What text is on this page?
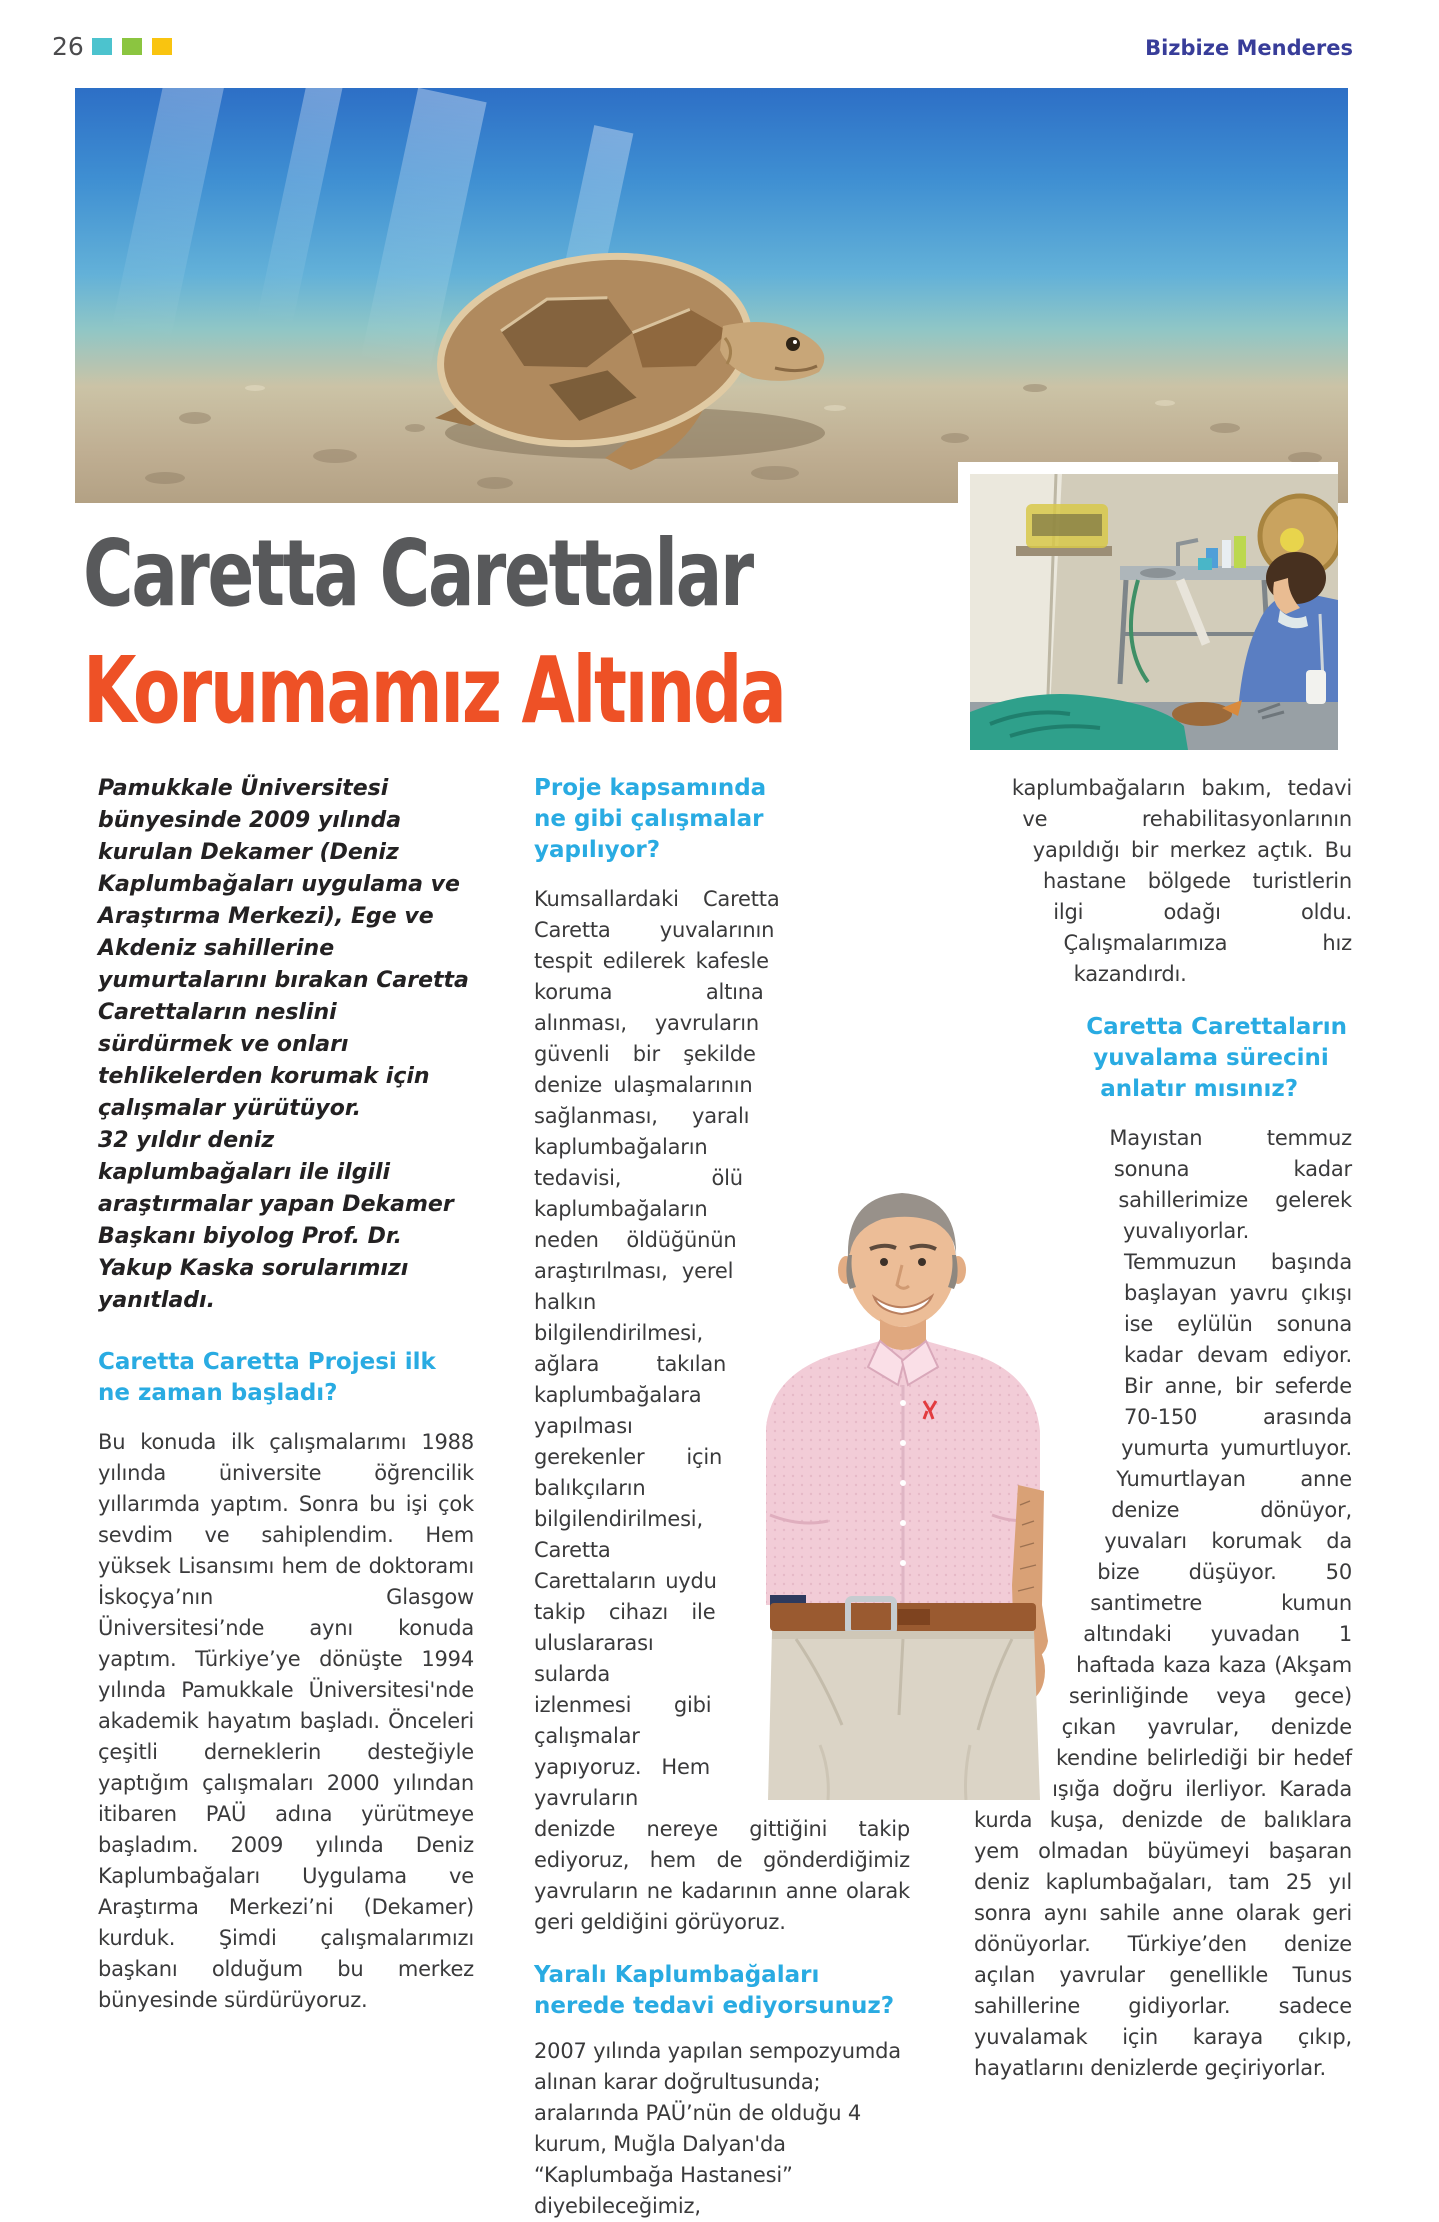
26
	Bizbize Menderes
Caretta Carettalar
Korumamız Altında

Pamukkale Üniversitesi bünyesinde 2009 yılında kurulan Dekamer (Deniz Kaplumbağaları uygulama ve Araştırma Merkezi), Ege ve Akdeniz sahillerine yumurtalarını bırakan Caretta Carettaların neslini sürdürmek ve onları tehlikelerden korumak için çalışmalar yürütüyor.

32 yıldır deniz kaplumbağaları ile ilgili araştırmalar yapan Dekamer Başkanı biyolog Prof. Dr. Yakup Kaska sorularımızı yanıtladı.

Caretta Caretta Projesi ilk ne zaman başladı?

Bu konuda ilk çalışmalarımı 1988 yılında üniversite öğrencilik yıllarımda yaptım. Sonra bu işi çok sevdim ve sahiplendim. Hem yüksek Lisansımı hem de doktoramı İskoçya’nın Glasgow Üniversitesi’nde aynı konuda yaptım. Türkiye’ye dönüşte 1994 yılında Pamukkale Üniversitesi'nde akademik hayatım başladı. Önceleri çeşitli derneklerin desteğiyle yaptığım çalışmaları 2000 yılından itibaren PAÜ adına yürütmeye başladım. 2009 yılında Deniz Kaplumbağaları Uygulama ve Araştırma Merkezi’ni (Dekamer) kurduk. Şimdi çalışmalarımızı başkanı olduğum bu merkez bünyesinde sürdürüyoruz.

Proje kapsamında ne gibi çalışmalar yapılıyor?

Kumsallardaki Caretta Caretta yuvalarının tespit edilerek kafesle koruma altına alınması, yavruların güvenli bir şekilde denize ulaşmalarının sağlanması, yaralı kaplumbağaların tedavisi, ölü kaplumbağaların neden öldüğünün araştırılması, yerel halkın bilgilendirilmesi, ağlara takılan kaplumbağalara yapılması gerekenler için balıkçıların bilgilendirilmesi, Caretta Carettaların uydu takip cihazı ile uluslararası sularda izlenmesi gibi çalışmalar yapıyoruz. Hem yavruların denizde nereye gittiğini takip ediyoruz, hem de gönderdiğimiz yavruların ne kadarının anne olarak geri geldiğini görüyoruz.

Yaralı Kaplumbağaları nerede tedavi ediyorsunuz?

2007 yılında yapılan sempozyumda alınan karar doğrultusunda; aralarında PAÜ’nün de olduğu 4 kurum, Muğla Dalyan'da “Kaplumbağa Hastanesi” diyebileceğimiz,

kaplumbağaların bakım, tedavi ve rehabilitasyonlarının yapıldığı bir merkez açtık. Bu hastane bölgede turistlerin ilgi odağı oldu. Çalışmalarımıza hız kazandırdı.

Caretta Carettaların yuvalama sürecini anlatır mısınız?

Mayıstan temmuz sonuna kadar sahillerimize gelerek yuvalıyorlar. Temmuzun başında başlayan yavru çıkışı ise eylülün sonuna kadar devam ediyor. Bir anne, bir seferde 70-150 arasında yumurta yumurtluyor. Yumurtlayan anne denize dönüyor, yuvaları korumak da bize düşüyor. 50 santimetre kumun altındaki yuvadan 1 haftada kaza kaza (Akşam serinliğinde veya gece) çıkan yavrular, denizde kendine belirlediği bir hedef ışığa doğru ilerliyor. Karada kurda kuşa, denizde de balıklara yem olmadan büyümeyi başaran deniz kaplumbağaları, tam 25 yıl sonra aynı sahile anne olarak geri dönüyorlar. Türkiye’den denize açılan yavrular genellikle Tunus sahillerine gidiyorlar. sadece yuvalamak için karaya çıkıp, hayatlarını denizlerde geçiriyorlar.
